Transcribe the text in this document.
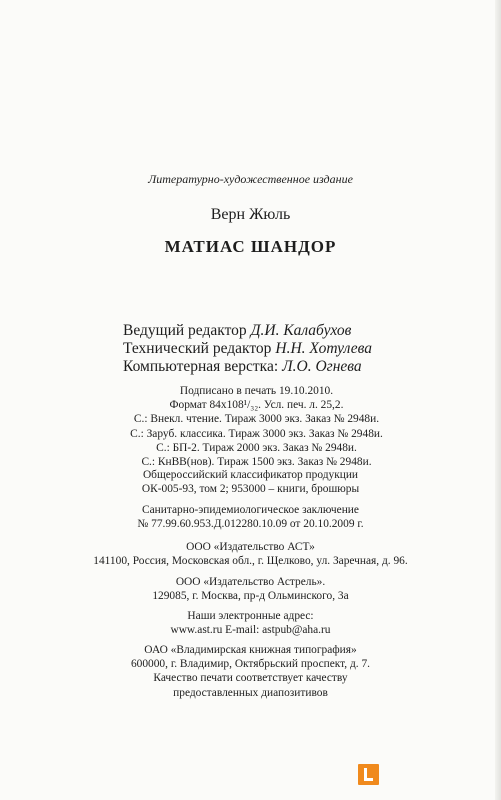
Литературно-художественное издание
Верн Жюль
МАТИАС ШАНДОР
Ведущий редактор Д.И. Калабухов
Технический редактор Н.Н. Хотулева
Компьютерная верстка: Л.О. Огнева
Подписано в печать 19.10.2010.
Формат 84x108¹/₃₂. Усл. печ. л. 25,2.
С.: Внекл. чтение. Тираж 3000 экз. Заказ № 2948и.
С.: Заруб. классика. Тираж 3000 экз. Заказ № 2948и.
С.: БП-2. Тираж 2000 экз. Заказ № 2948и.
С.: КнВВ(нов). Тираж 1500 экз. Заказ № 2948и.
Общероссийский классификатор продукции
ОК-005-93, том 2; 953000 – книги, брошюры
Санитарно-эпидемиологическое заключение
№ 77.99.60.953.Д.012280.10.09 от 20.10.2009 г.
ООО «Издательство АСТ»
141100, Россия, Московская обл., г. Щелково, ул. Заречная, д. 96.
ООО «Издательство Астрель».
129085, г. Москва, пр-д Ольминского, 3а
Наши электронные адрес:
www.ast.ru E-mail: astpub@aha.ru
ОАО «Владимирская книжная типография»
600000, г. Владимир, Октябрьский проспект, д. 7.
Качество печати соответствует качеству
предоставленных диапозитивов
